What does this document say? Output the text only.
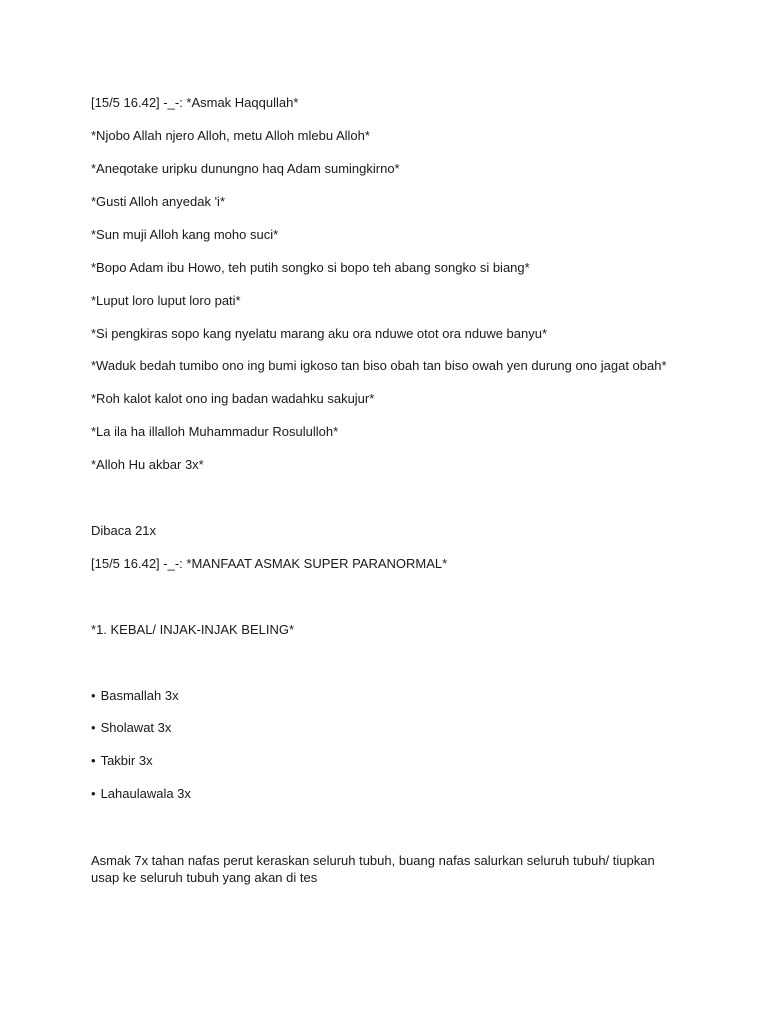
[15/5 16.42] -_-: *Asmak Haqqullah*

*Njobo Allah njero Alloh, metu Alloh mlebu Alloh*

*Aneqotake uripku dunungno haq Adam sumingkirno*

*Gusti Alloh anyedak 'i*

*Sun muji Alloh kang moho suci*

*Bopo Adam ibu Howo, teh putih songko si bopo teh abang songko si biang*

*Luput loro luput loro pati*

*Si pengkiras sopo kang nyelatu marang aku ora nduwe otot ora nduwe banyu*

*Waduk bedah tumibo ono ing bumi igkoso tan biso obah tan biso owah yen durung ono jagat obah*

*Roh kalot kalot ono ing badan wadahku sakujur*

*La ila ha illalloh Muhammadur Rosululloh*

*Alloh Hu akbar 3x*

Dibaca 21x

[15/5 16.42] -_-: *MANFAAT ASMAK SUPER PARANORMAL*

*1. KEBAL/ INJAK-INJAK BELING*

• Basmallah 3x

• Sholawat 3x

• Takbir 3x

• Lahaulawala 3x

Asmak 7x tahan nafas perut keraskan seluruh tubuh, buang nafas salurkan seluruh tubuh/ tiupkan usap ke seluruh tubuh yang akan di tes
